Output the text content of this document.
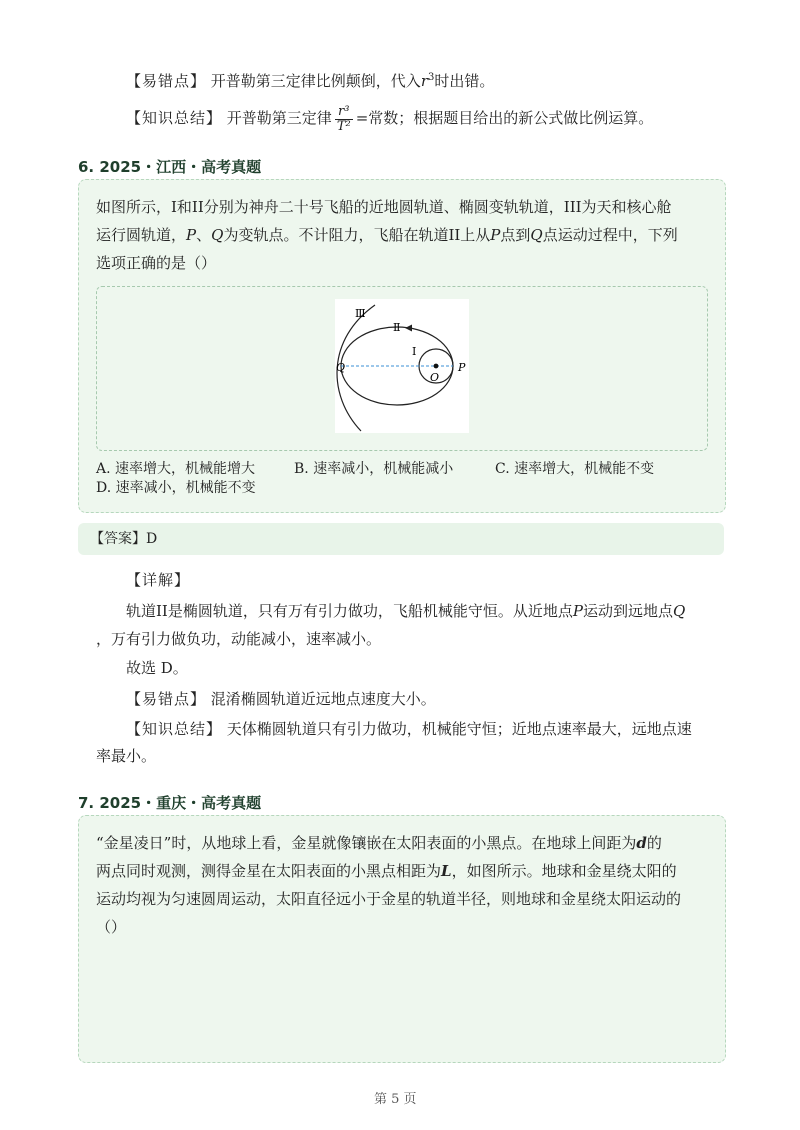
【易错点】 开普勒第三定律比例颠倒，代入$r^3$时出错。
【知识总结】 开普勒第三定律 $\frac{\text{r³}}{\text{T²}}$ =常数；根据题目给出的新公式做比例运算。
6. 2025・江西・高考真题
如图所示，I和II分别为神舟二十号飞船的近地圆轨道、椭圆变轨轨道，III为天和核心舱
运行圆轨道，P、Q为变轨点。不计阻力，飞船在轨道II上从P点到Q点运动过程中，下列
选项正确的是（）
Ⅲ
Ⅱ
I
Q
O
P
A. 速率增大，机械能增大	B. 速率减小，机械能减小	C. 速率增大，机械能不变
D. 速率减小，机械能不变
【答案】D
【详解】
轨道II是椭圆轨道，只有万有引力做功，飞船机械能守恒。从近地点P运动到远地点Q
，万有引力做负功，动能减小，速率减小。
故选 D。
【易错点】 混淆椭圆轨道近远地点速度大小。
【知识总结】 天体椭圆轨道只有引力做功，机械能守恒；近地点速率最大，远地点速
率最小。
7. 2025・重庆・高考真题
“金星凌日”时，从地球上看，金星就像镶嵌在太阳表面的小黑点。在地球上间距为d的
两点同时观测，测得金星在太阳表面的小黑点相距为L，如图所示。地球和金星绕太阳的
运动均视为匀速圆周运动，太阳直径远小于金星的轨道半径，则地球和金星绕太阳运动的
（）
第 5 页
